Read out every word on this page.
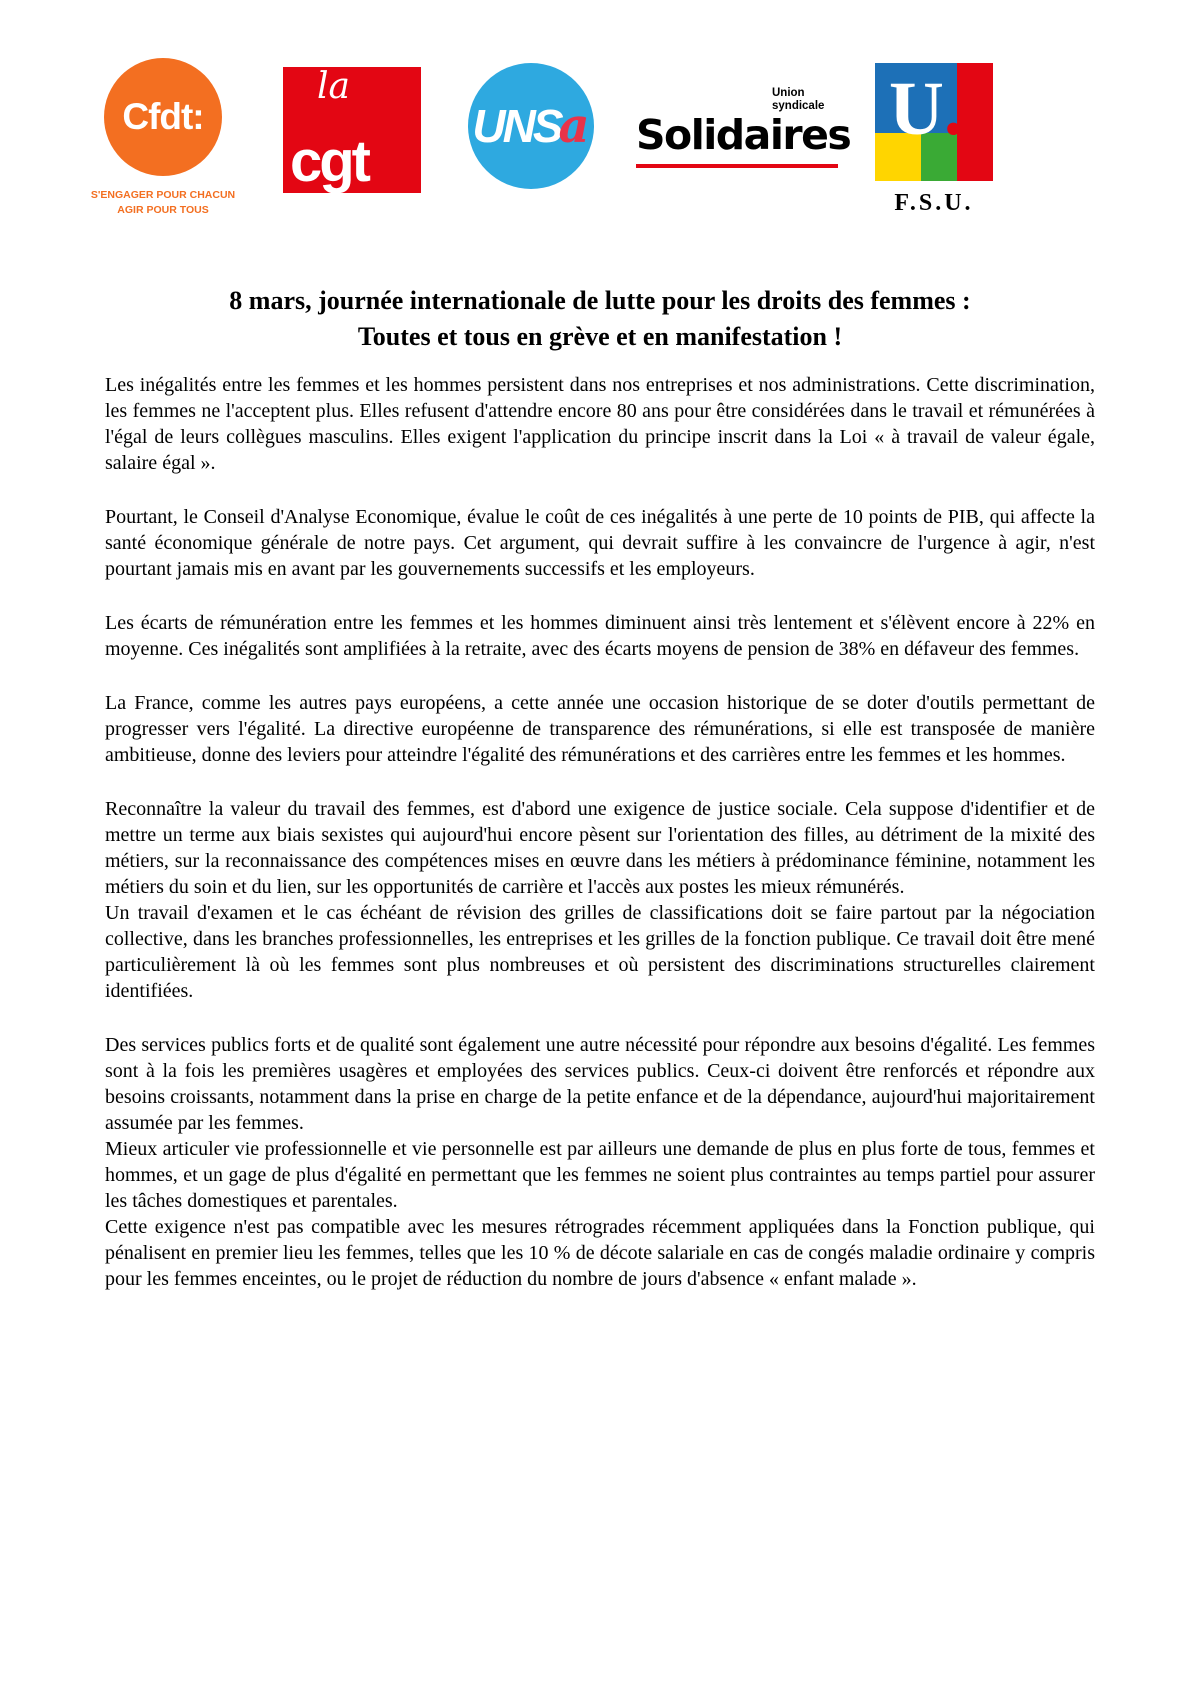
Cfdt:
S'ENGAGER POUR CHACUN
AGIR POUR TOUS
la
cgt
UNS
a
Union syndicale
Solidaires U.
F.S.U.
8 mars, journée internationale de lutte pour les droits des femmes :
Toutes et tous en grève et en manifestation !

Les inégalités entre les femmes et les hommes persistent dans nos entreprises et nos administrations. Cette discrimination, les femmes ne l'acceptent plus. Elles refusent d'attendre encore 80 ans pour être considérées dans le travail et rémunérées à l'égal de leurs collègues masculins. Elles exigent l'application du principe inscrit dans la Loi « à travail de valeur égale, salaire égal ».

Pourtant, le Conseil d'Analyse Economique, évalue le coût de ces inégalités à une perte de 10 points de PIB, qui affecte la santé économique générale de notre pays. Cet argument, qui devrait suffire à les convaincre de l'urgence à agir, n'est pourtant jamais mis en avant par les gouvernements successifs et les employeurs.

Les écarts de rémunération entre les femmes et les hommes diminuent ainsi très lentement et s'élèvent encore à 22% en moyenne. Ces inégalités sont amplifiées à la retraite, avec des écarts moyens de pension de 38% en défaveur des femmes.

La France, comme les autres pays européens, a cette année une occasion historique de se doter d'outils permettant de progresser vers l'égalité. La directive européenne de transparence des rémunérations, si elle est transposée de manière ambitieuse, donne des leviers pour atteindre l'égalité des rémunérations et des carrières entre les femmes et les hommes.

Reconnaître la valeur du travail des femmes, est d'abord une exigence de justice sociale. Cela suppose d'identifier et de mettre un terme aux biais sexistes qui aujourd'hui encore pèsent sur l'orientation des filles, au détriment de la mixité des métiers, sur la reconnaissance des compétences mises en œuvre dans les métiers à prédominance féminine, notamment les métiers du soin et du lien, sur les opportunités de carrière et l'accès aux postes les mieux rémunérés.

Un travail d'examen et le cas échéant de révision des grilles de classifications doit se faire partout par la négociation collective, dans les branches professionnelles, les entreprises et les grilles de la fonction publique. Ce travail doit être mené particulièrement là où les femmes sont plus nombreuses et où persistent des discriminations structurelles clairement identifiées.

Des services publics forts et de qualité sont également une autre nécessité pour répondre aux besoins d'égalité. Les femmes sont à la fois les premières usagères et employées des services publics. Ceux-ci doivent être renforcés et répondre aux besoins croissants, notamment dans la prise en charge de la petite enfance et de la dépendance, aujourd'hui majoritairement assumée par les femmes.

Mieux articuler vie professionnelle et vie personnelle est par ailleurs une demande de plus en plus forte de tous, femmes et hommes, et un gage de plus d'égalité en permettant que les femmes ne soient plus contraintes au temps partiel pour assurer les tâches domestiques et parentales.

Cette exigence n'est pas compatible avec les mesures rétrogrades récemment appliquées dans la Fonction publique, qui pénalisent en premier lieu les femmes, telles que les 10 % de décote salariale en cas de congés maladie ordinaire y compris pour les femmes enceintes, ou le projet de réduction du nombre de jours d'absence « enfant malade ».
